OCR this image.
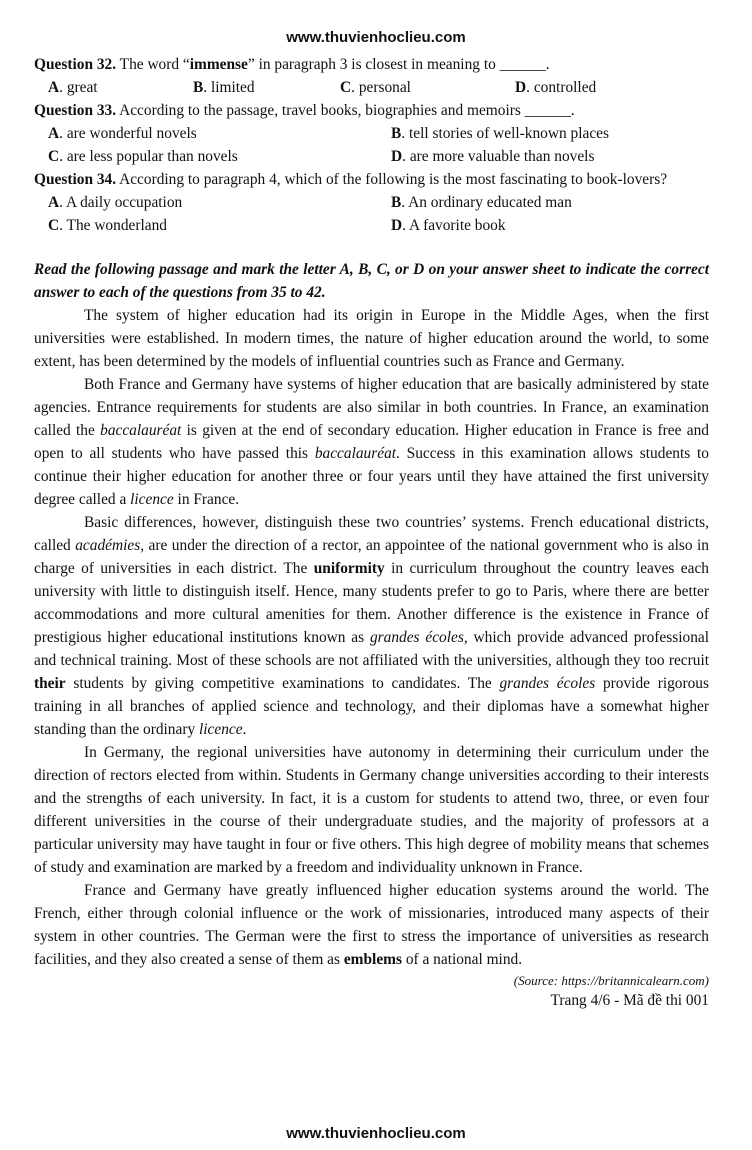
www.thuvienhoclieu.com

Question 32. The word “immense” in paragraph 3 is closest in meaning to ______.

A. great	B. limited	C. personal	D. controlled

Question 33. According to the passage, travel books, biographies and memoirs ______.

A. are wonderful novels	B. tell stories of well-known places
C. are less popular than novels	D. are more valuable than novels

Question 34. According to paragraph 4, which of the following is the most fascinating to book-lovers?

A. A daily occupation	B. An ordinary educated man
C. The wonderland	D. A favorite book

Read the following passage and mark the letter A, B, C, or D on your answer sheet to indicate the correct answer to each of the questions from 35 to 42.

The system of higher education had its origin in Europe in the Middle Ages, when the first universities were established. In modern times, the nature of higher education around the world, to some extent, has been determined by the models of influential countries such as France and Germany.

Both France and Germany have systems of higher education that are basically administered by state agencies. Entrance requirements for students are also similar in both countries. In France, an examination called the baccalauréat is given at the end of secondary education. Higher education in France is free and open to all students who have passed this baccalauréat. Success in this examination allows students to continue their higher education for another three or four years until they have attained the first university degree called a licence in France.

Basic differences, however, distinguish these two countries’ systems. French educational districts, called académies, are under the direction of a rector, an appointee of the national government who is also in charge of universities in each district. The uniformity in curriculum throughout the country leaves each university with little to distinguish itself. Hence, many students prefer to go to Paris, where there are better accommodations and more cultural amenities for them. Another difference is the existence in France of prestigious higher educational institutions known as grandes écoles, which provide advanced professional and technical training. Most of these schools are not affiliated with the universities, although they too recruit their students by giving competitive examinations to candidates. The grandes écoles provide rigorous training in all branches of applied science and technology, and their diplomas have a somewhat higher standing than the ordinary licence.

In Germany, the regional universities have autonomy in determining their curriculum under the direction of rectors elected from within. Students in Germany change universities according to their interests and the strengths of each university. In fact, it is a custom for students to attend two, three, or even four different universities in the course of their undergraduate studies, and the majority of professors at a particular university may have taught in four or five others. This high degree of mobility means that schemes of study and examination are marked by a freedom and individuality unknown in France.

France and Germany have greatly influenced higher education systems around the world. The French, either through colonial influence or the work of missionaries, introduced many aspects of their system in other countries. The German were the first to stress the importance of universities as research facilities, and they also created a sense of them as emblems of a national mind.

(Source: https://britannicalearn.com)
Trang 4/6 - Mã đề thi 001
www.thuvienhoclieu.com
